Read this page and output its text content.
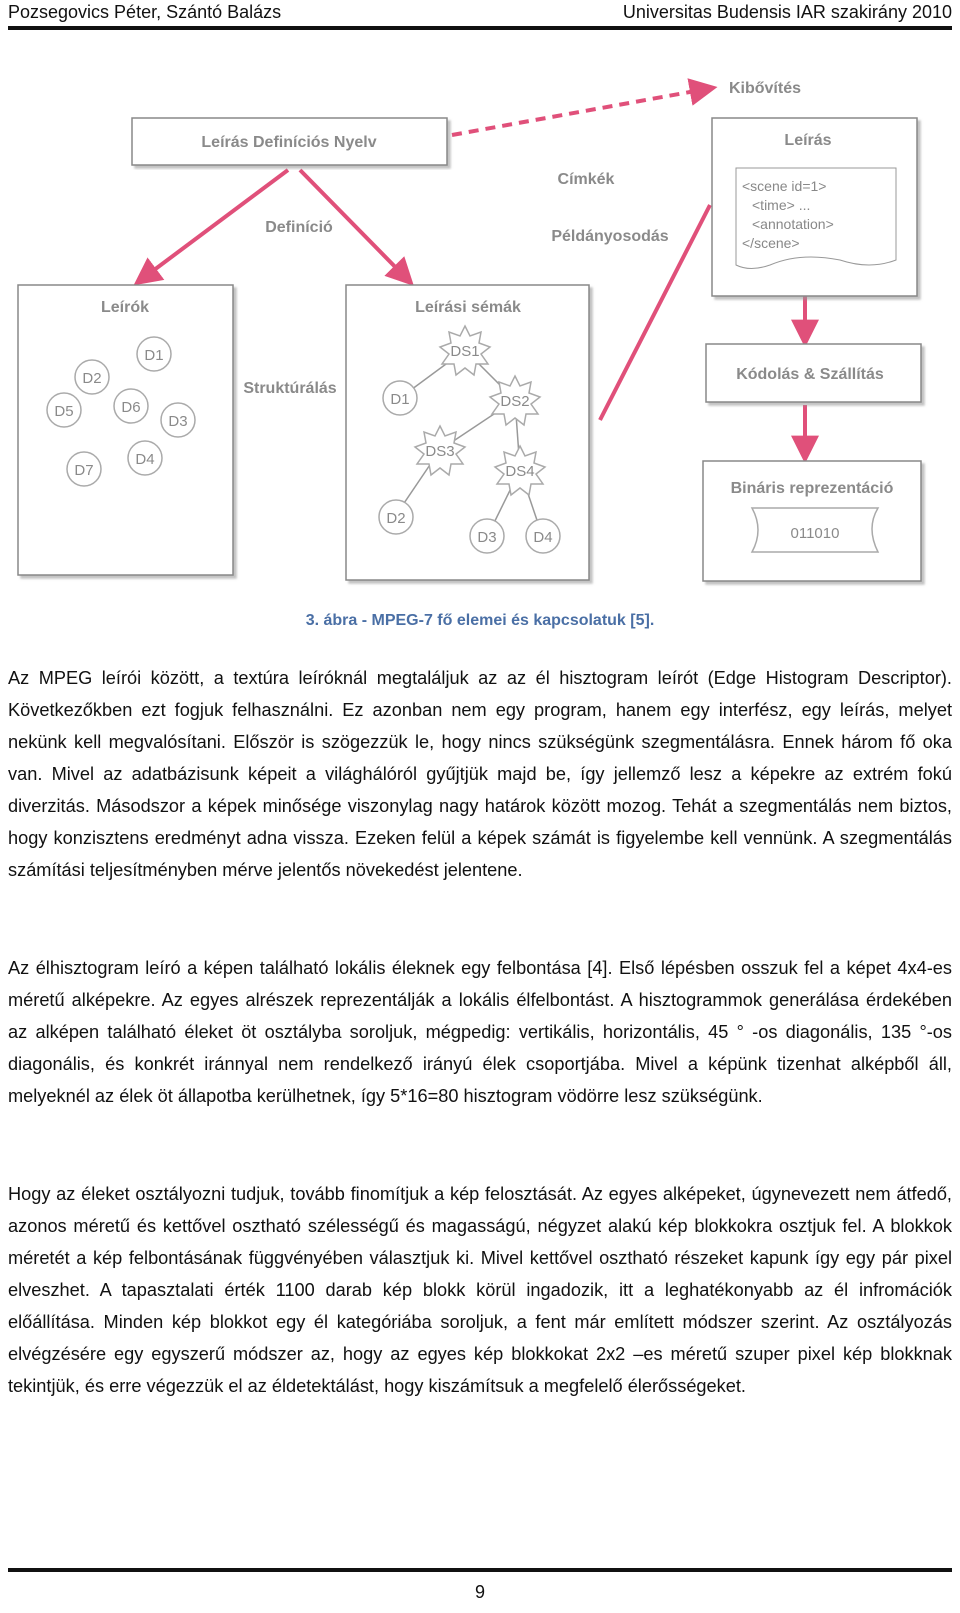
Pozsegovics Péter, Szántó Balázs	Universitas Budensis IAR szakirány 2010
Leírás Definíciós Nyelv
Kibővítés
Leírás
<scene id=1>
<time> ...
<annotation>
</scene>
Címkék
Definíció
Példányosodás
Leírók
D1
D2
D3
D4
D5	D6
D7
Struktúrálás
Leírási sémák
DS1
DS2
DS3
DS4
D1
D2
D3 D4
Kódolás & Szállítás
Bináris reprezentáció
011010
3. ábra - MPEG-7 fő elemei és kapcsolatuk [5].

Az MPEG leírói között, a textúra leíróknál megtaláljuk az az él hisztogram leírót (Edge Histogram Descriptor). Következőkben ezt fogjuk felhasználni. Ez azonban nem egy program, hanem egy interfész, egy leírás, melyet nekünk kell megvalósítani. Először is szögezzük le, hogy nincs szükségünk szegmentálásra. Ennek három fő oka van. Mivel az adatbázisunk képeit a világhálóról gyűjtjük majd be, így jellemző lesz a képekre az extrém fokú diverzitás. Másodszor a képek minősége viszonylag nagy határok között mozog. Tehát a szegmentálás nem biztos, hogy konzisztens eredményt adna vissza. Ezeken felül a képek számát is figyelembe kell vennünk. A szegmentálás számítási teljesítményben mérve jelentős növekedést jelentene.

Az élhisztogram leíró a képen található lokális éleknek egy felbontása [4]. Első lépésben osszuk fel a képet 4x4-es méretű alképekre. Az egyes alrészek reprezentálják a lokális élfelbontást. A hisztogrammok generálása érdekében az alképen található éleket öt osztályba soroljuk, mégpedig: vertikális, horizontális, 45 ° -os diagonális, 135 °-os diagonális, és konkrét iránnyal nem rendelkező irányú élek csoportjába. Mivel a képünk tizenhat alképből áll, melyeknél az élek öt állapotba kerülhetnek, így 5*16=80 hisztogram vödörre lesz szükségünk.

Hogy az éleket osztályozni tudjuk, tovább finomítjuk a kép felosztását. Az egyes alképeket, úgynevezett nem átfedő, azonos méretű és kettővel osztható szélességű és magasságú, négyzet alakú kép blokkokra osztjuk fel. A blokkok méretét a kép felbontásának függvényében választjuk ki. Mivel kettővel osztható részeket kapunk így egy pár pixel elveszhet. A tapasztalati érték 1100 darab kép blokk körül ingadozik, itt a leghatékonyabb az él infromációk előállítása. Minden kép blokkot egy él kategóriába soroljuk, a fent már említett módszer szerint. Az osztályozás elvégzésére egy egyszerű módszer az, hogy az egyes kép blokkokat 2x2 –es méretű szuper pixel kép blokknak tekintjük, és erre végezzük el az éldetektálást, hogy kiszámítsuk a megfelelő élerősségeket.

9
